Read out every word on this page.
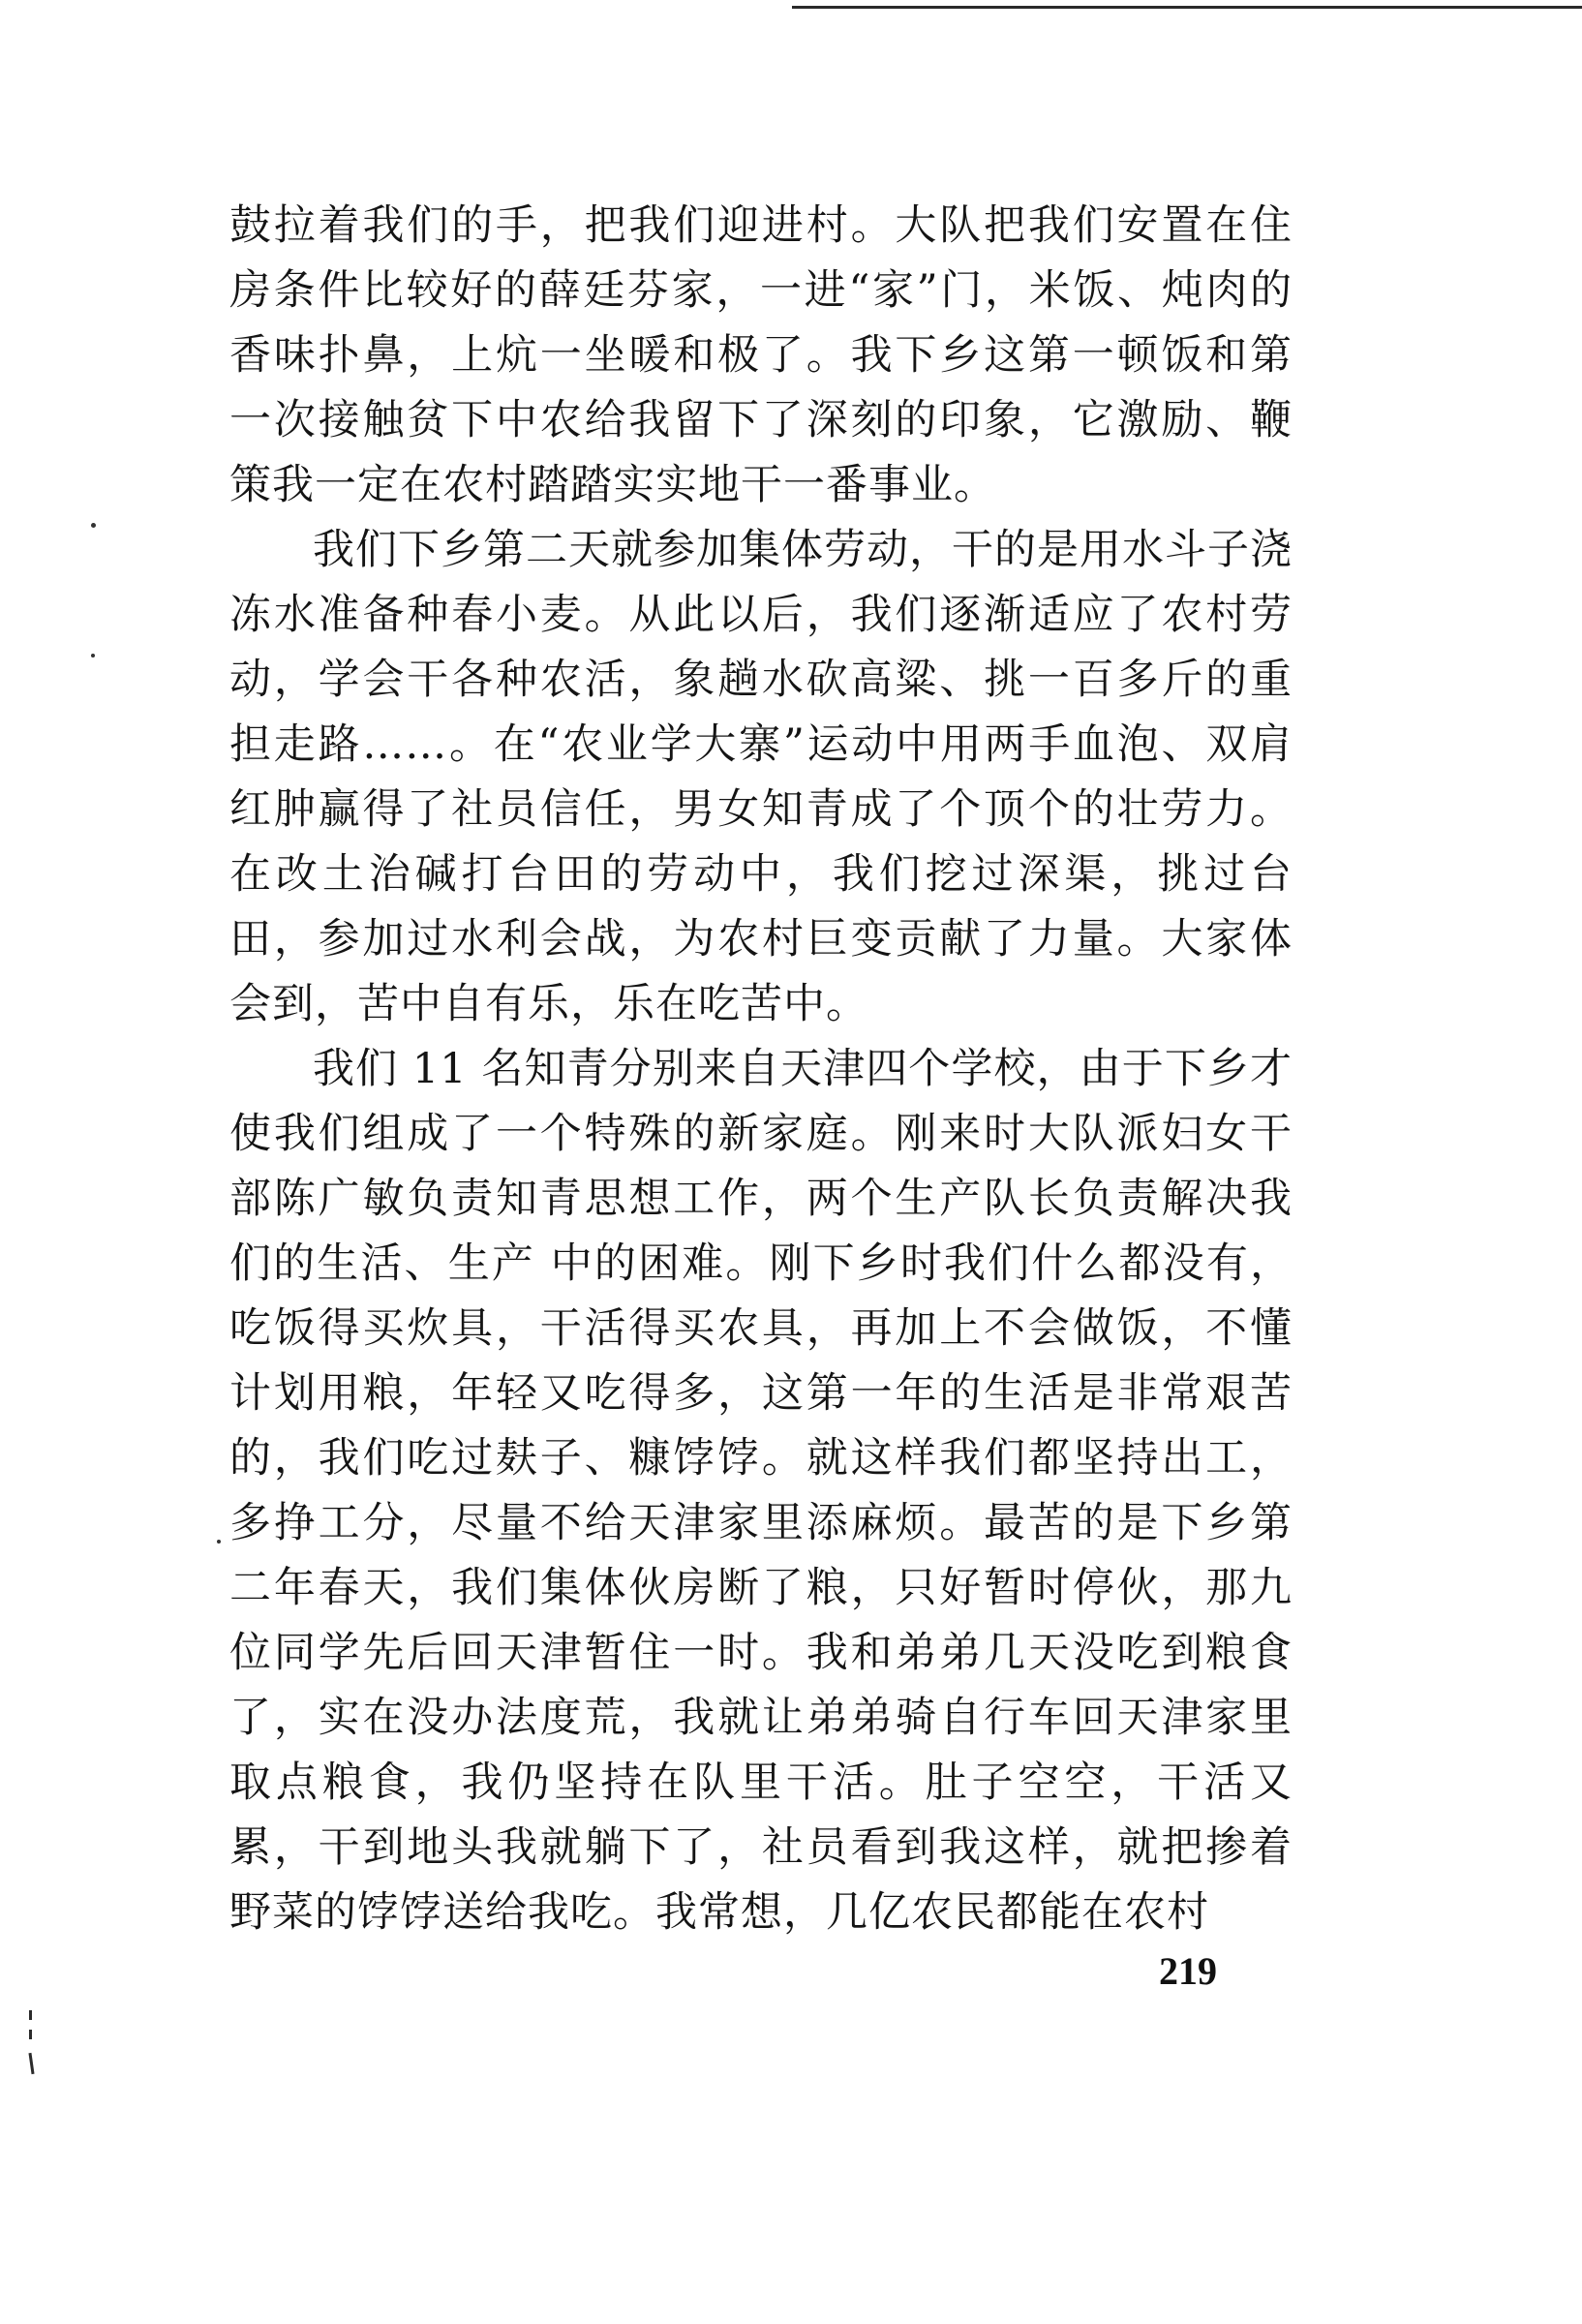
鼓拉着我们的手，把我们迎进村。大队把我们安置在住房条件比较好的薛廷芬家，一进“家”门，米饭、炖肉的香味扑鼻，上炕一坐暖和极了。我下乡这第一顿饭和第一次接触贫下中农给我留下了深刻的印象，它激励、鞭策我一定在农村踏踏实实地干一番事业。

我们下乡第二天就参加集体劳动，干的是用水斗子浇冻水准备种春小麦。从此以后，我们逐渐适应了农村劳动，学会干各种农活，象趟水砍高粱、挑一百多斤的重担走路……。在“农业学大寨”运动中用两手血泡、双肩红肿赢得了社员信任，男女知青成了个顶个的壮劳力。在改土治碱打台田的劳动中，我们挖过深渠，挑过台田，参加过水利会战，为农村巨变贡献了力量。大家体会到，苦中自有乐，乐在吃苦中。

我们 11 名知青分别来自天津四个学校，由于下乡才使我们组成了一个特殊的新家庭。刚来时大队派妇女干部陈广敏负责知青思想工作，两个生产队长负责解决我们的生活、生产 中的困难。刚下乡时我们什么都没有，吃饭得买炊具，干活得买农具，再加上不会做饭，不懂计划用粮，年轻又吃得多，这第一年的生活是非常艰苦的，我们吃过麸子、糠饽饽。就这样我们都坚持出工，多挣工分，尽量不给天津家里添麻烦。最苦的是下乡第二年春天，我们集体伙房断了粮，只好暂时停伙，那九位同学先后回天津暂住一时。我和弟弟几天没吃到粮食了，实在没办法度荒，我就让弟弟骑自行车回天津家里取点粮食，我仍坚持在队里干活。肚子空空，干活又累，干到地头我就躺下了，社员看到我这样，就把掺着野菜的饽饽送给我吃。我常想，几亿农民都能在农村

219
